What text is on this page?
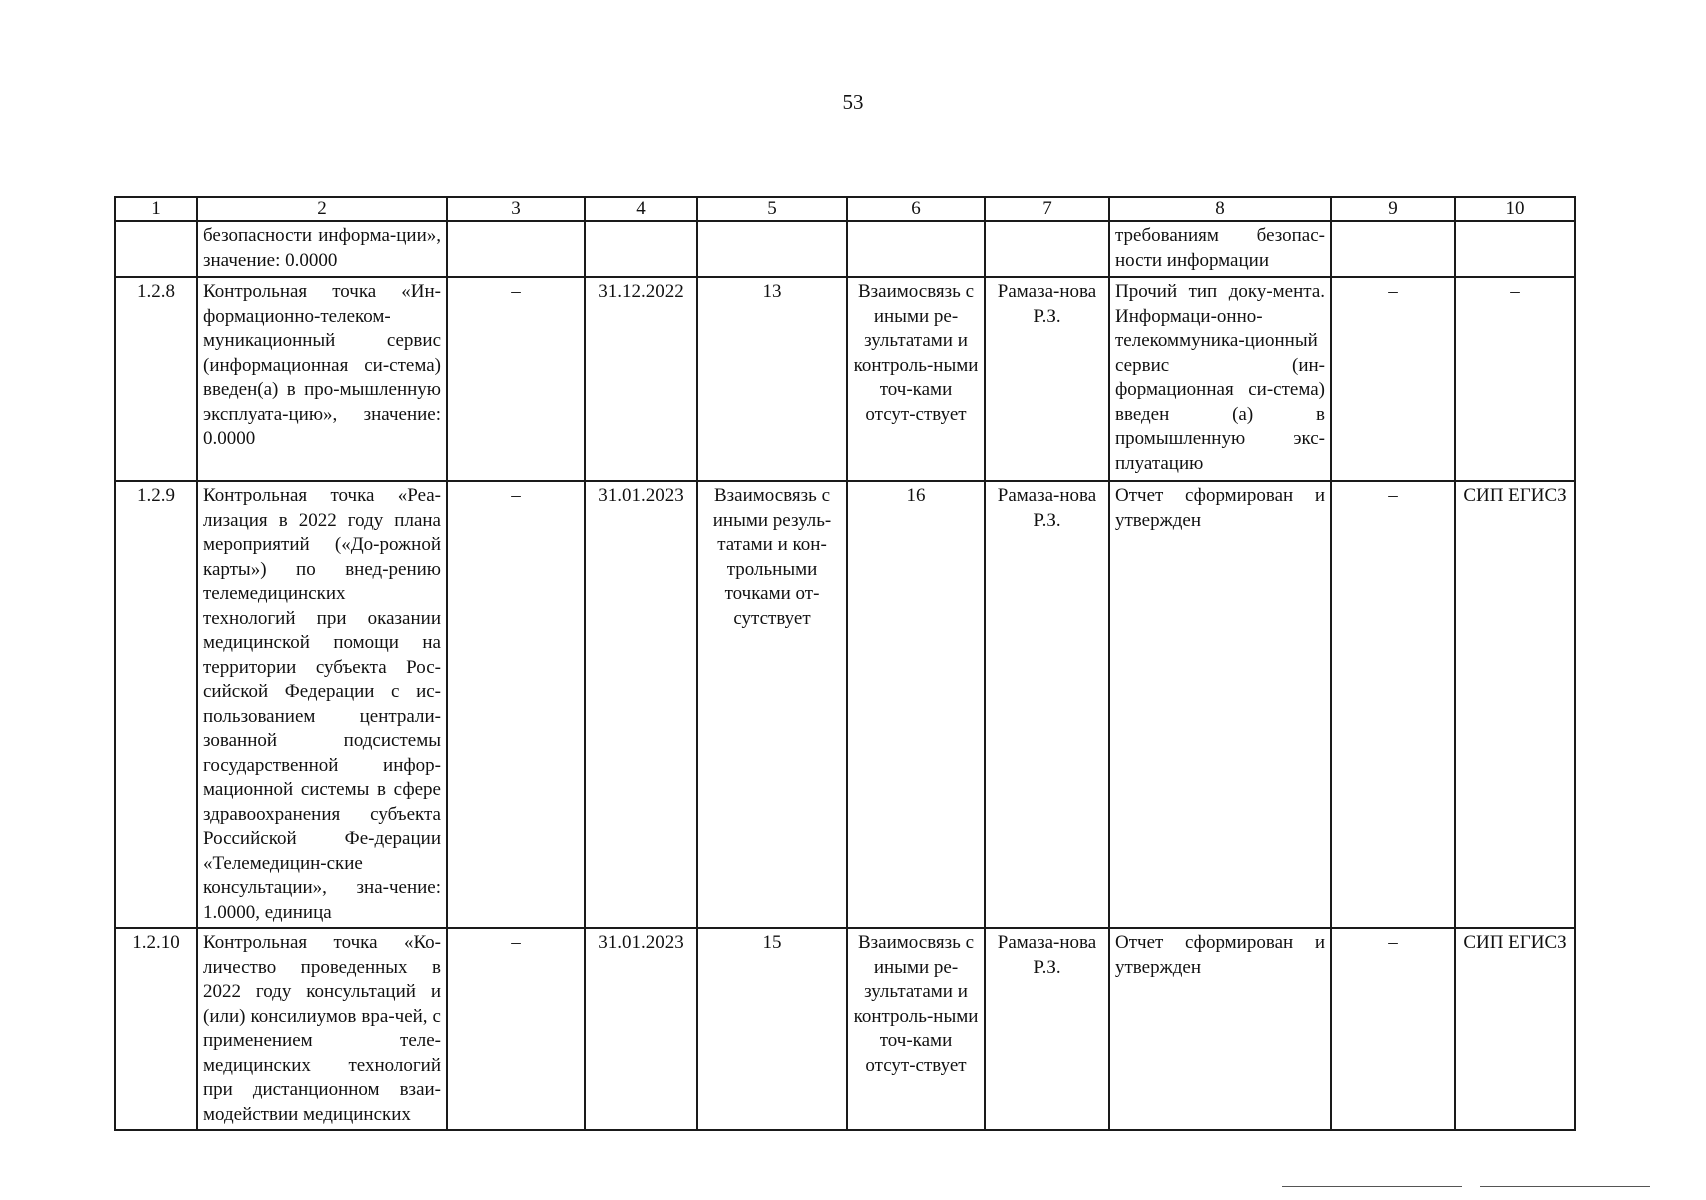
53
1	2	3	4	5	6	7	8	9	10
	безопасности информа-ции», значение: 0.0000						требованиям безопас-ности информации		
1.2.8	Контрольная точка «Ин-формационно-телеком-муникационный сервис (информационная си-стема) введен(а) в про-мышленную эксплуата-цию», значение: 0.0000	–	31.12.2022	13	Взаимосвязь с иными ре-зультатами и контроль-ными точ-ками отсут-ствует	Рамаза-нова Р.З.	Прочий тип доку-мента. Информаци-онно-телекоммуника-ционный сервис (ин-формационная си-стема) введен (а) в промышленную экс-плуатацию	–	–
1.2.9	Контрольная точка «Реа-лизация в 2022 году плана мероприятий («До-рожной карты») по внед-рению телемедицинских технологий при оказании медицинской помощи на территории субъекта Рос-сийской Федерации с ис-пользованием централи-зованной подсистемы государственной инфор-мационной системы в сфере здравоохранения субъекта Российской Фе-дерации «Телемедицин-ские консультации», зна-чение: 1.0000, единица	–	31.01.2023	Взаимосвязь с иными резуль-татами и кон-трольными точками от-сутствует	16	Рамаза-нова Р.З.	Отчет сформирован и утвержден	–	СИП ЕГИСЗ
1.2.10	Контрольная точка «Ко-личество проведенных в 2022 году консультаций и (или) консилиумов вра-чей, с применением теле-медицинских технологий при дистанционном взаи-модействии медицинских	–	31.01.2023	15	Взаимосвязь с иными ре-зультатами и контроль-ными точ-ками отсут-ствует	Рамаза-нова Р.З.	Отчет сформирован и утвержден	–	СИП ЕГИСЗ
